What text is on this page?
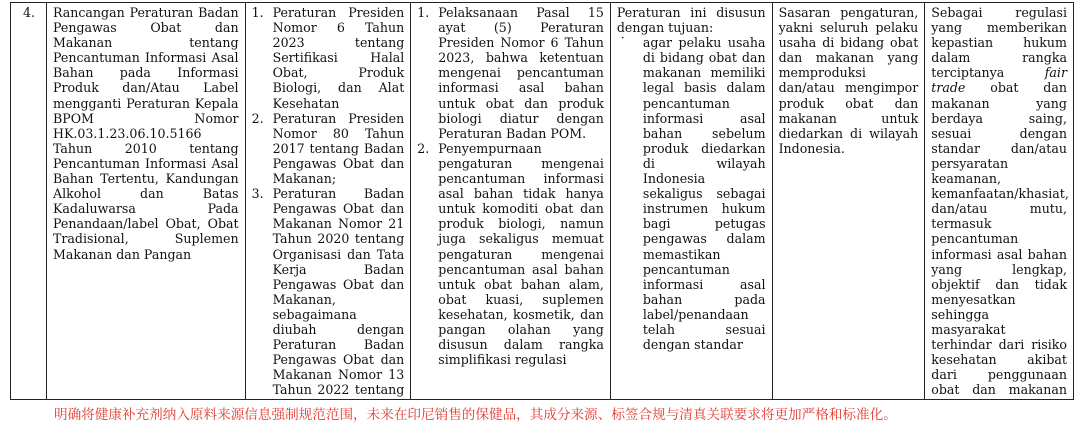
4.	Rancangan Peraturan Badan Pengawas Obat dan Makanan tentang Pencantuman Informasi Asal Bahan pada Informasi Produk dan/Atau Label mengganti Peraturan Kepala BPOM Nomor HK.03.1.23.06.10.5166 Tahun 2010 tentang Pencantuman Informasi Asal Bahan Tertentu, Kandungan Alkohol dan Batas Kadaluwarsa Pada Penandaan/label Obat, Obat Tradisional, Suplemen Makanan dan Pangan
1. Peraturan Presiden Nomor 6 Tahun 2023 tentang Sertifikasi Halal Obat, Produk Biologi, dan Alat Kesehatan
2. Peraturan Presiden Nomor 80 Tahun 2017 tentang Badan Pengawas Obat dan Makanan;
3. Peraturan Badan Pengawas Obat dan Makanan Nomor 21 Tahun 2020 tentang Organisasi dan Tata Kerja Badan Pengawas Obat dan Makanan, sebagaimana diubah dengan Peraturan Badan Pengawas Obat dan Makanan Nomor 13 Tahun 2022 tentang
1. Pelaksanaan Pasal 15 ayat (5) Peraturan Presiden Nomor 6 Tahun 2023, bahwa ketentuan mengenai pencantuman informasi asal bahan untuk obat dan produk biologi diatur dengan Peraturan Badan POM.
2. Penyempurnaan pengaturan mengenai pencantuman informasi asal bahan tidak hanya untuk komoditi obat dan produk biologi, namun juga sekaligus memuat pengaturan mengenai pencantuman asal bahan untuk obat bahan alam, obat kuasi, suplemen kesehatan, kosmetik, dan pangan olahan yang disusun dalam rangka simplifikasi regulasi
Peraturan ini disusun dengan tujuan:
· agar pelaku usaha di bidang obat dan makanan memiliki legal basis dalam pencantuman informasi asal bahan sebelum produk diedarkan di wilayah Indonesia sekaligus sebagai instrumen hukum bagi petugas pengawas dalam memastikan pencantuman informasi asal bahan pada label/penandaan telah sesuai dengan standar
Sasaran pengaturan, yakni seluruh pelaku usaha di bidang obat dan makanan yang memproduksi dan/atau mengimpor produk obat dan makanan untuk diedarkan di wilayah Indonesia.
Sebagai regulasi yang memberikan kepastian hukum dalam rangka terciptanya	fair trade obat dan makanan yang berdaya saing, sesuai dengan standar dan/atau persyaratan keamanan, kemanfaatan/khasiat, dan/atau mutu, termasuk pencantuman informasi asal bahan yang lengkap, objektif dan tidak menyesatkan sehingga masyarakat terhindar dari risiko kesehatan akibat dari penggunaan obat dan makanan
明确将健康补充剂纳入原料来源信息强制规范范围，未来在印尼销售的保健品，其成分来源、标签合规与清真关联要求将更加严格和标准化。
